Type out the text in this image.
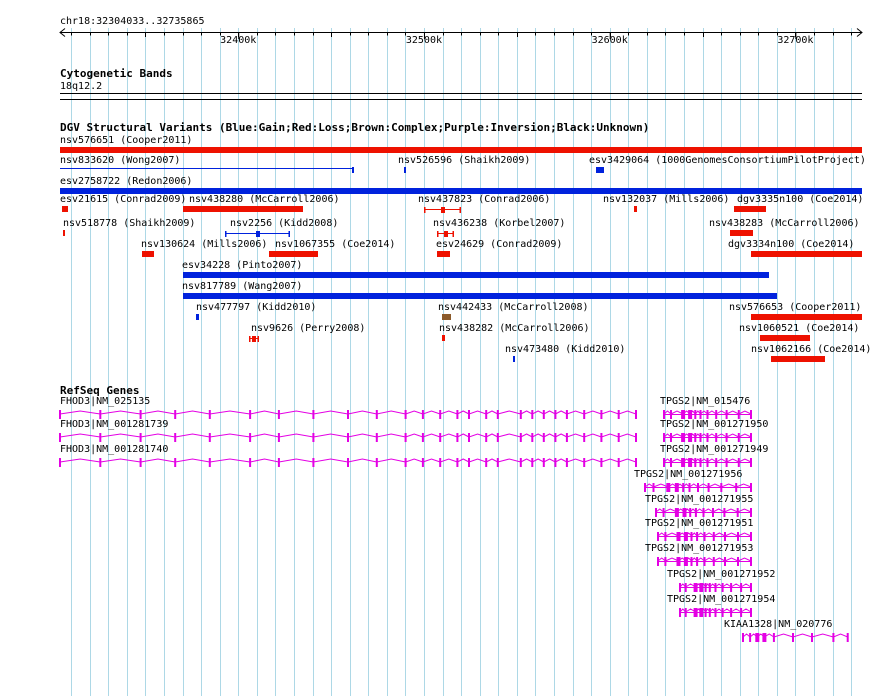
chr18:32304033..32735865
32400k	32500k	32600k	32700k
Cytogenetic Bands
18q12.2
DGV Structural Variants (Blue:Gain;Red:Loss;Brown:Complex;Purple:Inversion;Black:Unknown)
nsv576651 (Cooper2011)
nsv833620 (Wong2007)	nsv526596 (Shaikh2009)	esv3429064 (1000GenomesConsortiumPilotProject)
esv2758722 (Redon2006)
esv21615 (Conrad2009) nsv438280 (McCarroll2006)	nsv437823 (Conrad2006)	nsv132037 (Mills2006) dgv3335n100 (Coe2014)
nsv518778 (Shaikh2009)	nsv2256 (Kidd2008)	nsv436238 (Korbel2007)	nsv438283 (McCarroll2006)
nsv130624 (Mills2006) nsv1067355 (Coe2014)	esv24629 (Conrad2009)	dgv3334n100 (Coe2014)
esv34228 (Pinto2007)
nsv817789 (Wang2007)
nsv477797 (Kidd2010)	nsv442433 (McCarroll2008)	nsv576653 (Cooper2011)
nsv9626 (Perry2008)	nsv438282 (McCarroll2006)	nsv1060521 (Coe2014)
nsv473480 (Kidd2010)	nsv1062166 (Coe2014)
RefSeq Genes
FHOD3|NM_025135	TPGS2|NM_015476
FHOD3|NM_001281739	TPGS2|NM_001271950
FHOD3|NM_001281740	TPGS2|NM_001271949
TPGS2|NM_001271956
TPGS2|NM_001271955
TPGS2|NM_001271951
TPGS2|NM_001271953
TPGS2|NM_001271952
TPGS2|NM_001271954
KIAA1328|NM_020776
